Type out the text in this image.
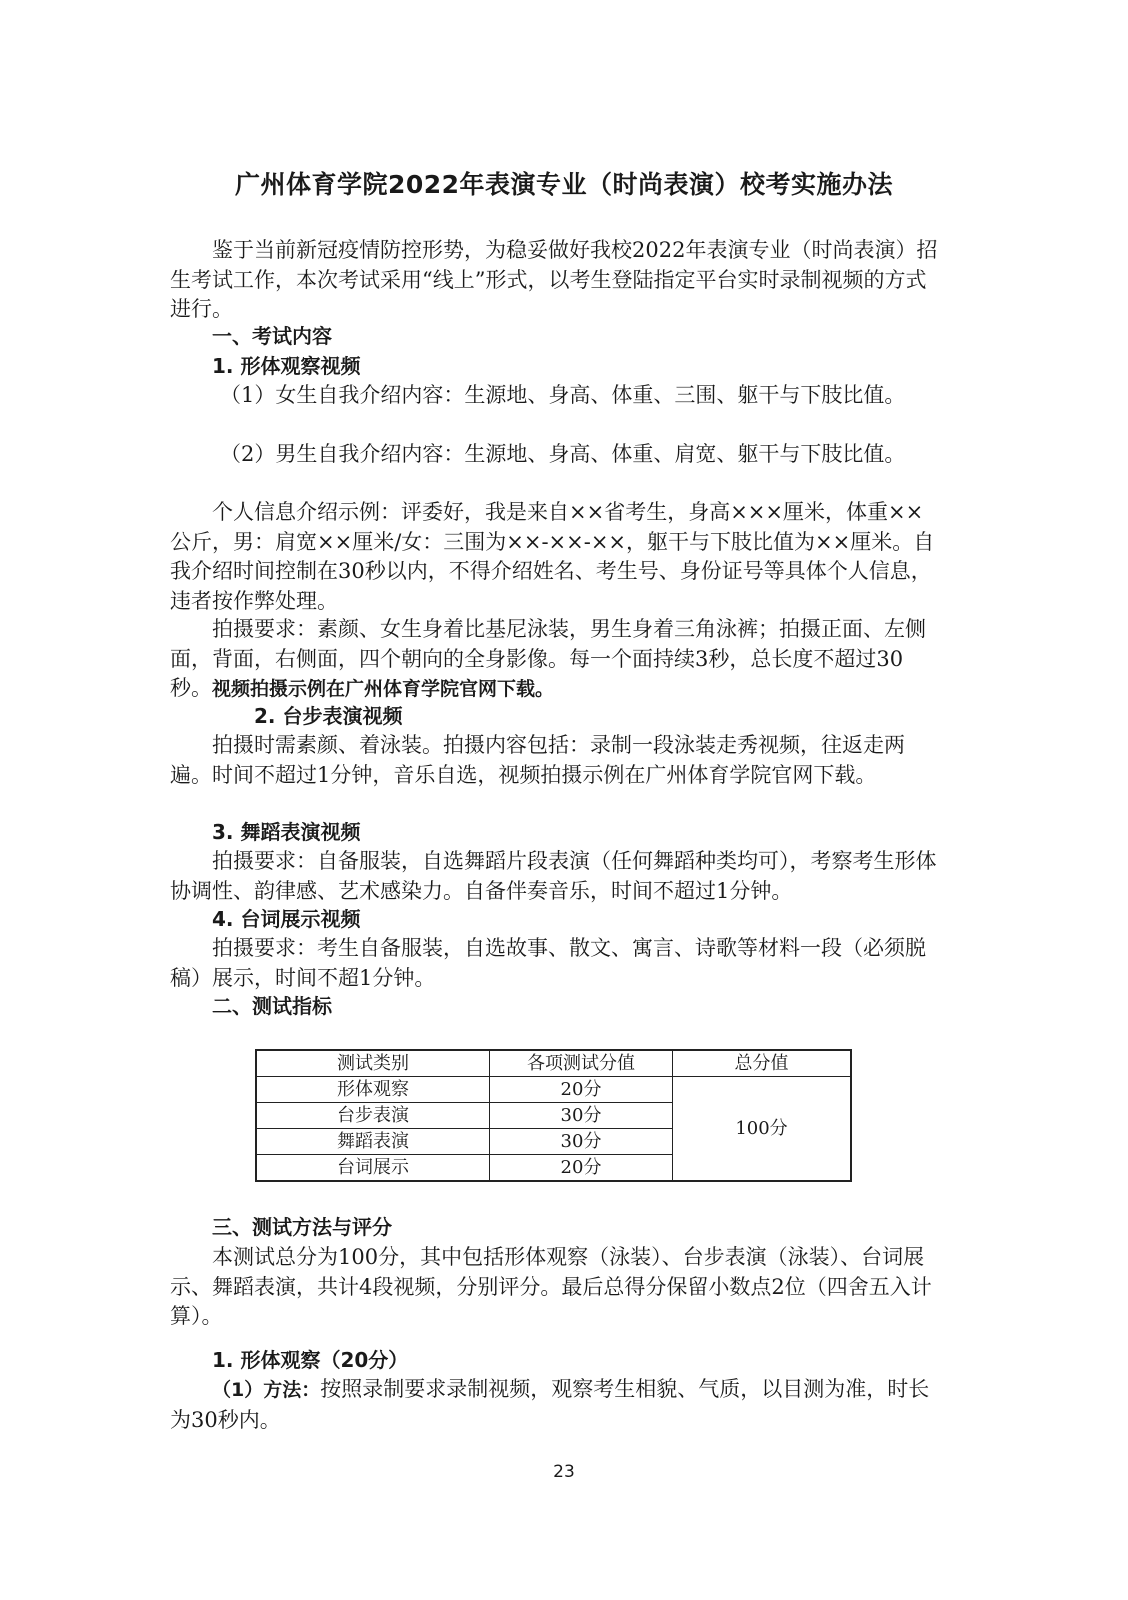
广州体育学院2022年表演专业（时尚表演）校考实施办法

鉴于当前新冠疫情防控形势，为稳妥做好我校2022年表演专业（时尚表演）招生考试工作，本次考试采用“线上”形式，以考生登陆指定平台实时录制视频的方式进行。

一、考试内容
1. 形体观察视频

（1）女生自我介绍内容：生源地、身高、体重、三围、躯干与下肢比值。

（2）男生自我介绍内容：生源地、身高、体重、肩宽、躯干与下肢比值。

个人信息介绍示例：评委好，我是来自××省考生，身高×××厘米，体重××公斤，男：肩宽××厘米/女：三围为××-××-××，躯干与下肢比值为××厘米。自我介绍时间控制在30秒以内，不得介绍姓名、考生号、身份证号等具体个人信息，违者按作弊处理。

拍摄要求：素颜、女生身着比基尼泳装，男生身着三角泳裤；拍摄正面、左侧面，背面，右侧面，四个朝向的全身影像。每一个面持续3秒，总长度不超过30秒。视频拍摄示例在广州体育学院官网下载。

2. 台步表演视频

拍摄时需素颜、着泳装。拍摄内容包括：录制一段泳装走秀视频，往返走两遍。时间不超过1分钟，音乐自选，视频拍摄示例在广州体育学院官网下载。

3. 舞蹈表演视频

拍摄要求：自备服装，自选舞蹈片段表演（任何舞蹈种类均可），考察考生形体协调性、韵律感、艺术感染力。自备伴奏音乐，时间不超过1分钟。

4. 台词展示视频

拍摄要求：考生自备服装，自选故事、散文、寓言、诗歌等材料一段（必须脱稿）展示，时间不超1分钟。

二、测试指标
测试类别	各项测试分值	总分值
形体观察	20分	100分
台步表演	30分	
舞蹈表演	30分	
台词展示	20分	
三、测试方法与评分

本测试总分为100分，其中包括形体观察（泳装）、台步表演（泳装）、台词展示、舞蹈表演，共计4段视频，分别评分。最后总得分保留小数点2位（四舍五入计算）。

1. 形体观察（20分）

（1）方法：按照录制要求录制视频，观察考生相貌、气质，以目测为准，时长为30秒内。

23
